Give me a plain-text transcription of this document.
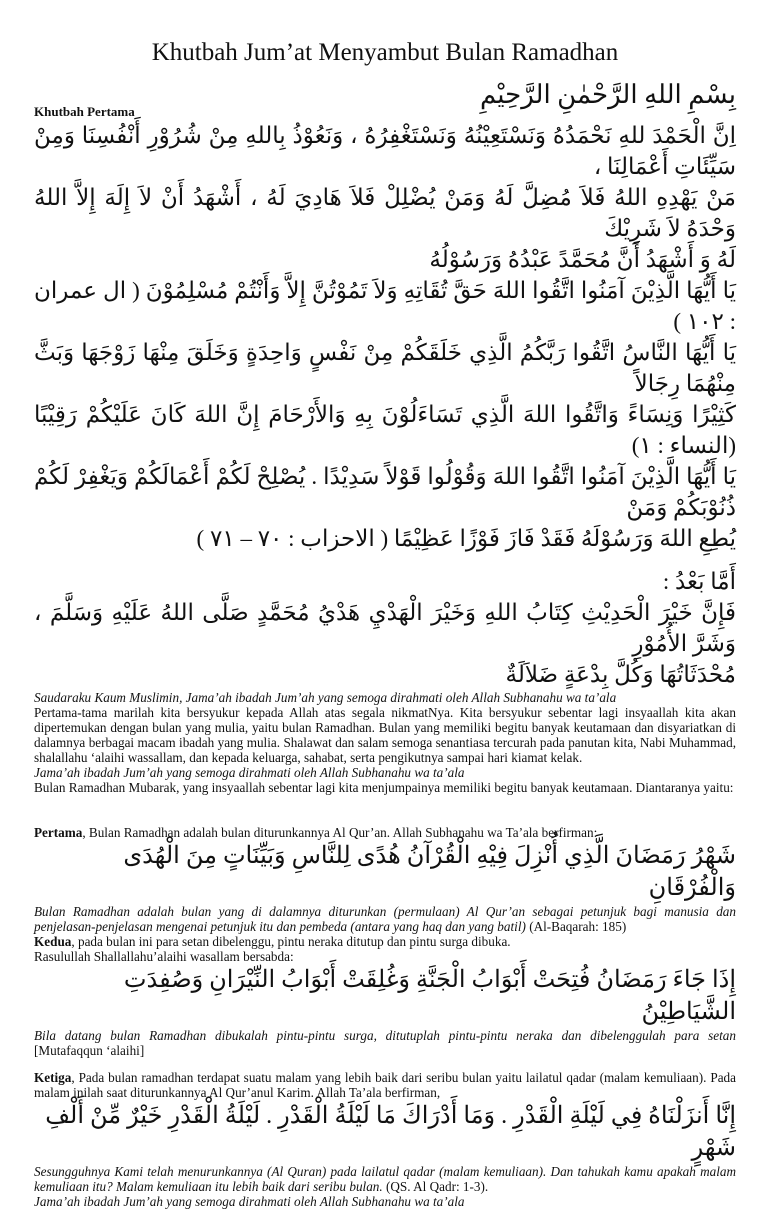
Khutbah Jum’at Menyambut Bulan Ramadhan
بِسْمِ اللهِ الرَّحْمٰنِ الرَّحِيْمِ
Khutbah Pertama
اِنَّ الْحَمْدَ للهِ نَحْمَدُهُ وَنَسْتَعِيْنُهُ وَنَسْتَغْفِرُهُ ، وَنَعُوْذُ بِاللهِ مِنْ شُرُوْرِ أَنْفُسِنَا وَمِنْ سَيِّئَاتِ أَعْمَالِنَا ،
مَنْ يَهْدِهِ اللهُ فَلاَ مُضِلَّ لَهُ وَمَنْ يُضْلِلْ فَلاَ هَادِيَ لَهُ ، أَشْهَدُ أَنْ لاَ إِلَهَ إِلاَّ اللهُ وَحْدَهُ لاَ شَرِيْكَ
لَهُ وَ أَشْهَدُ أَنَّ مُحَمَّدً عَبْدُهُ وَرَسُوْلُهُ
يَا أَيُّهَا الَّذِيْنَ آمَنُوا اتَّقُوا اللهَ حَقَّ تُقَاتِهِ وَلاَ تَمُوْتُنَّ إِلاَّ وَأَنْتُمْ مُسْلِمُوْنَ ( ال عمران : ١٠٢ )
يَا أَيُّهَا النَّاسُ اتَّقُوا رَبَّكُمُ الَّذِي خَلَقَكُمْ مِنْ نَفْسٍ وَاحِدَةٍ وَخَلَقَ مِنْهَا زَوْجَهَا وَبَثَّ مِنْهُمَا رِجَالاً
كَثِيْرًا وَنِسَاءً وَاتَّقُوا اللهَ الَّذِي تَسَاءَلُوْنَ بِهِ وَالأَرْحَامَ إِنَّ اللهَ كَانَ عَلَيْكُمْ رَقِيْبًا (النساء : ١)
يَا أَيُّهَا الَّذِيْنَ آمَنُوا اتَّقُوا اللهَ وَقُوْلُوا قَوْلاً سَدِيْدًا . يُصْلِحْ لَكُمْ أَعْمَالَكُمْ وَيَغْفِرْ لَكُمْ ذُنُوْبَكُمْ وَمَنْ
يُطِعِ اللهَ وَرَسُوْلَهُ فَقَدْ فَازَ فَوْزًا عَظِيْمًا ( الاحزاب : ٧٠ – ٧١ )
أَمَّا بَعْدُ :
فَإِنَّ خَيْرَ الْحَدِيْثِ كِتَابُ اللهِ وَخَيْرَ الْهَدْيِ هَدْيُ مُحَمَّدٍ صَلَّى اللهُ عَلَيْهِ وَسَلَّمَ ، وَشَرَّ الأُمُوْرِ
مُحْدَثَاتُهَا وَكُلَّ بِدْعَةٍ ضَلاَلَةٌ
Saudaraku Kaum Muslimin, Jama’ah ibadah Jum’ah yang semoga dirahmati oleh Allah Subhanahu wa ta’ala
Pertama-tama marilah kita bersyukur kepada Allah atas segala nikmatNya. Kita bersyukur sebentar lagi insyaallah kita akan dipertemukan dengan bulan yang mulia, yaitu bulan Ramadhan. Bulan yang memiliki begitu banyak keutamaan dan disyariatkan di dalamnya berbagai macam ibadah yang mulia. Shalawat dan salam semoga senantiasa tercurah pada panutan kita, Nabi Muhammad, shalallahu ‘alaihi wassallam, dan kepada keluarga, sahabat, serta pengikutnya sampai hari kiamat kelak.
Jama’ah ibadah Jum’ah yang semoga dirahmati oleh Allah Subhanahu wa ta’ala
Bulan Ramadhan Mubarak, yang insyaallah sebentar lagi kita menjumpainya memiliki begitu banyak keutamaan. Diantaranya yaitu:
Pertama, Bulan Ramadhan adalah bulan diturunkannya Al Qur’an. Allah Subhanahu wa Ta’ala berfirman:
شَهْرُ رَمَضَانَ الَّذِي أُنْزِلَ فِيْهِ الْقُرْآنُ هُدًى لِلنَّاسِ وَبَيِّنَاتٍ مِنَ الْهُدَى وَالْفُرْقَانِ
Bulan Ramadhan adalah bulan yang di dalamnya diturunkan (permulaan) Al Qur’an sebagai petunjuk bagi manusia dan penjelasan-penjelasan mengenai petunjuk itu dan pembeda (antara yang haq dan yang batil) (Al-Baqarah: 185)
Kedua, pada bulan ini para setan dibelenggu, pintu neraka ditutup dan pintu surga dibuka.
Rasulullah Shallallahu’alaihi wasallam bersabda:
إِذَا جَاءَ رَمَضَانُ فُتِحَتْ أَبْوَابُ الْجَنَّةِ وَغُلِقَتْ أَبْوَابُ النِّيْرَانِ وَصُفِدَتِ الشَّيَاطِيْنُ
Bila datang bulan Ramadhan dibukalah pintu-pintu surga, ditutuplah pintu-pintu neraka dan dibelenggulah para setan [Mutafaqqun ‘alaihi]
Ketiga, Pada bulan ramadhan terdapat suatu malam yang lebih baik dari seribu bulan yaitu lailatul qadar (malam kemuliaan). Pada malam inilah saat diturunkannya Al Qur’anul Karim. Allah Ta’ala berfirman,
إِنَّا أَنزَلْنَاهُ فِي لَيْلَةِ الْقَدْرِ . وَمَا أَدْرَاكَ مَا لَيْلَةُ الْقَدْرِ . لَيْلَةُ الْقَدْرِ خَيْرٌ مِّنْ أَلْفِ شَهْرٍ
Sesungguhnya Kami telah menurunkannya (Al Quran) pada lailatul qadar (malam kemuliaan). Dan tahukah kamu apakah malam kemuliaan itu? Malam kemuliaan itu lebih baik dari seribu bulan. (QS. Al Qadr: 1-3).
Jama’ah ibadah Jum’ah yang semoga dirahmati oleh Allah Subhanahu wa ta’ala
